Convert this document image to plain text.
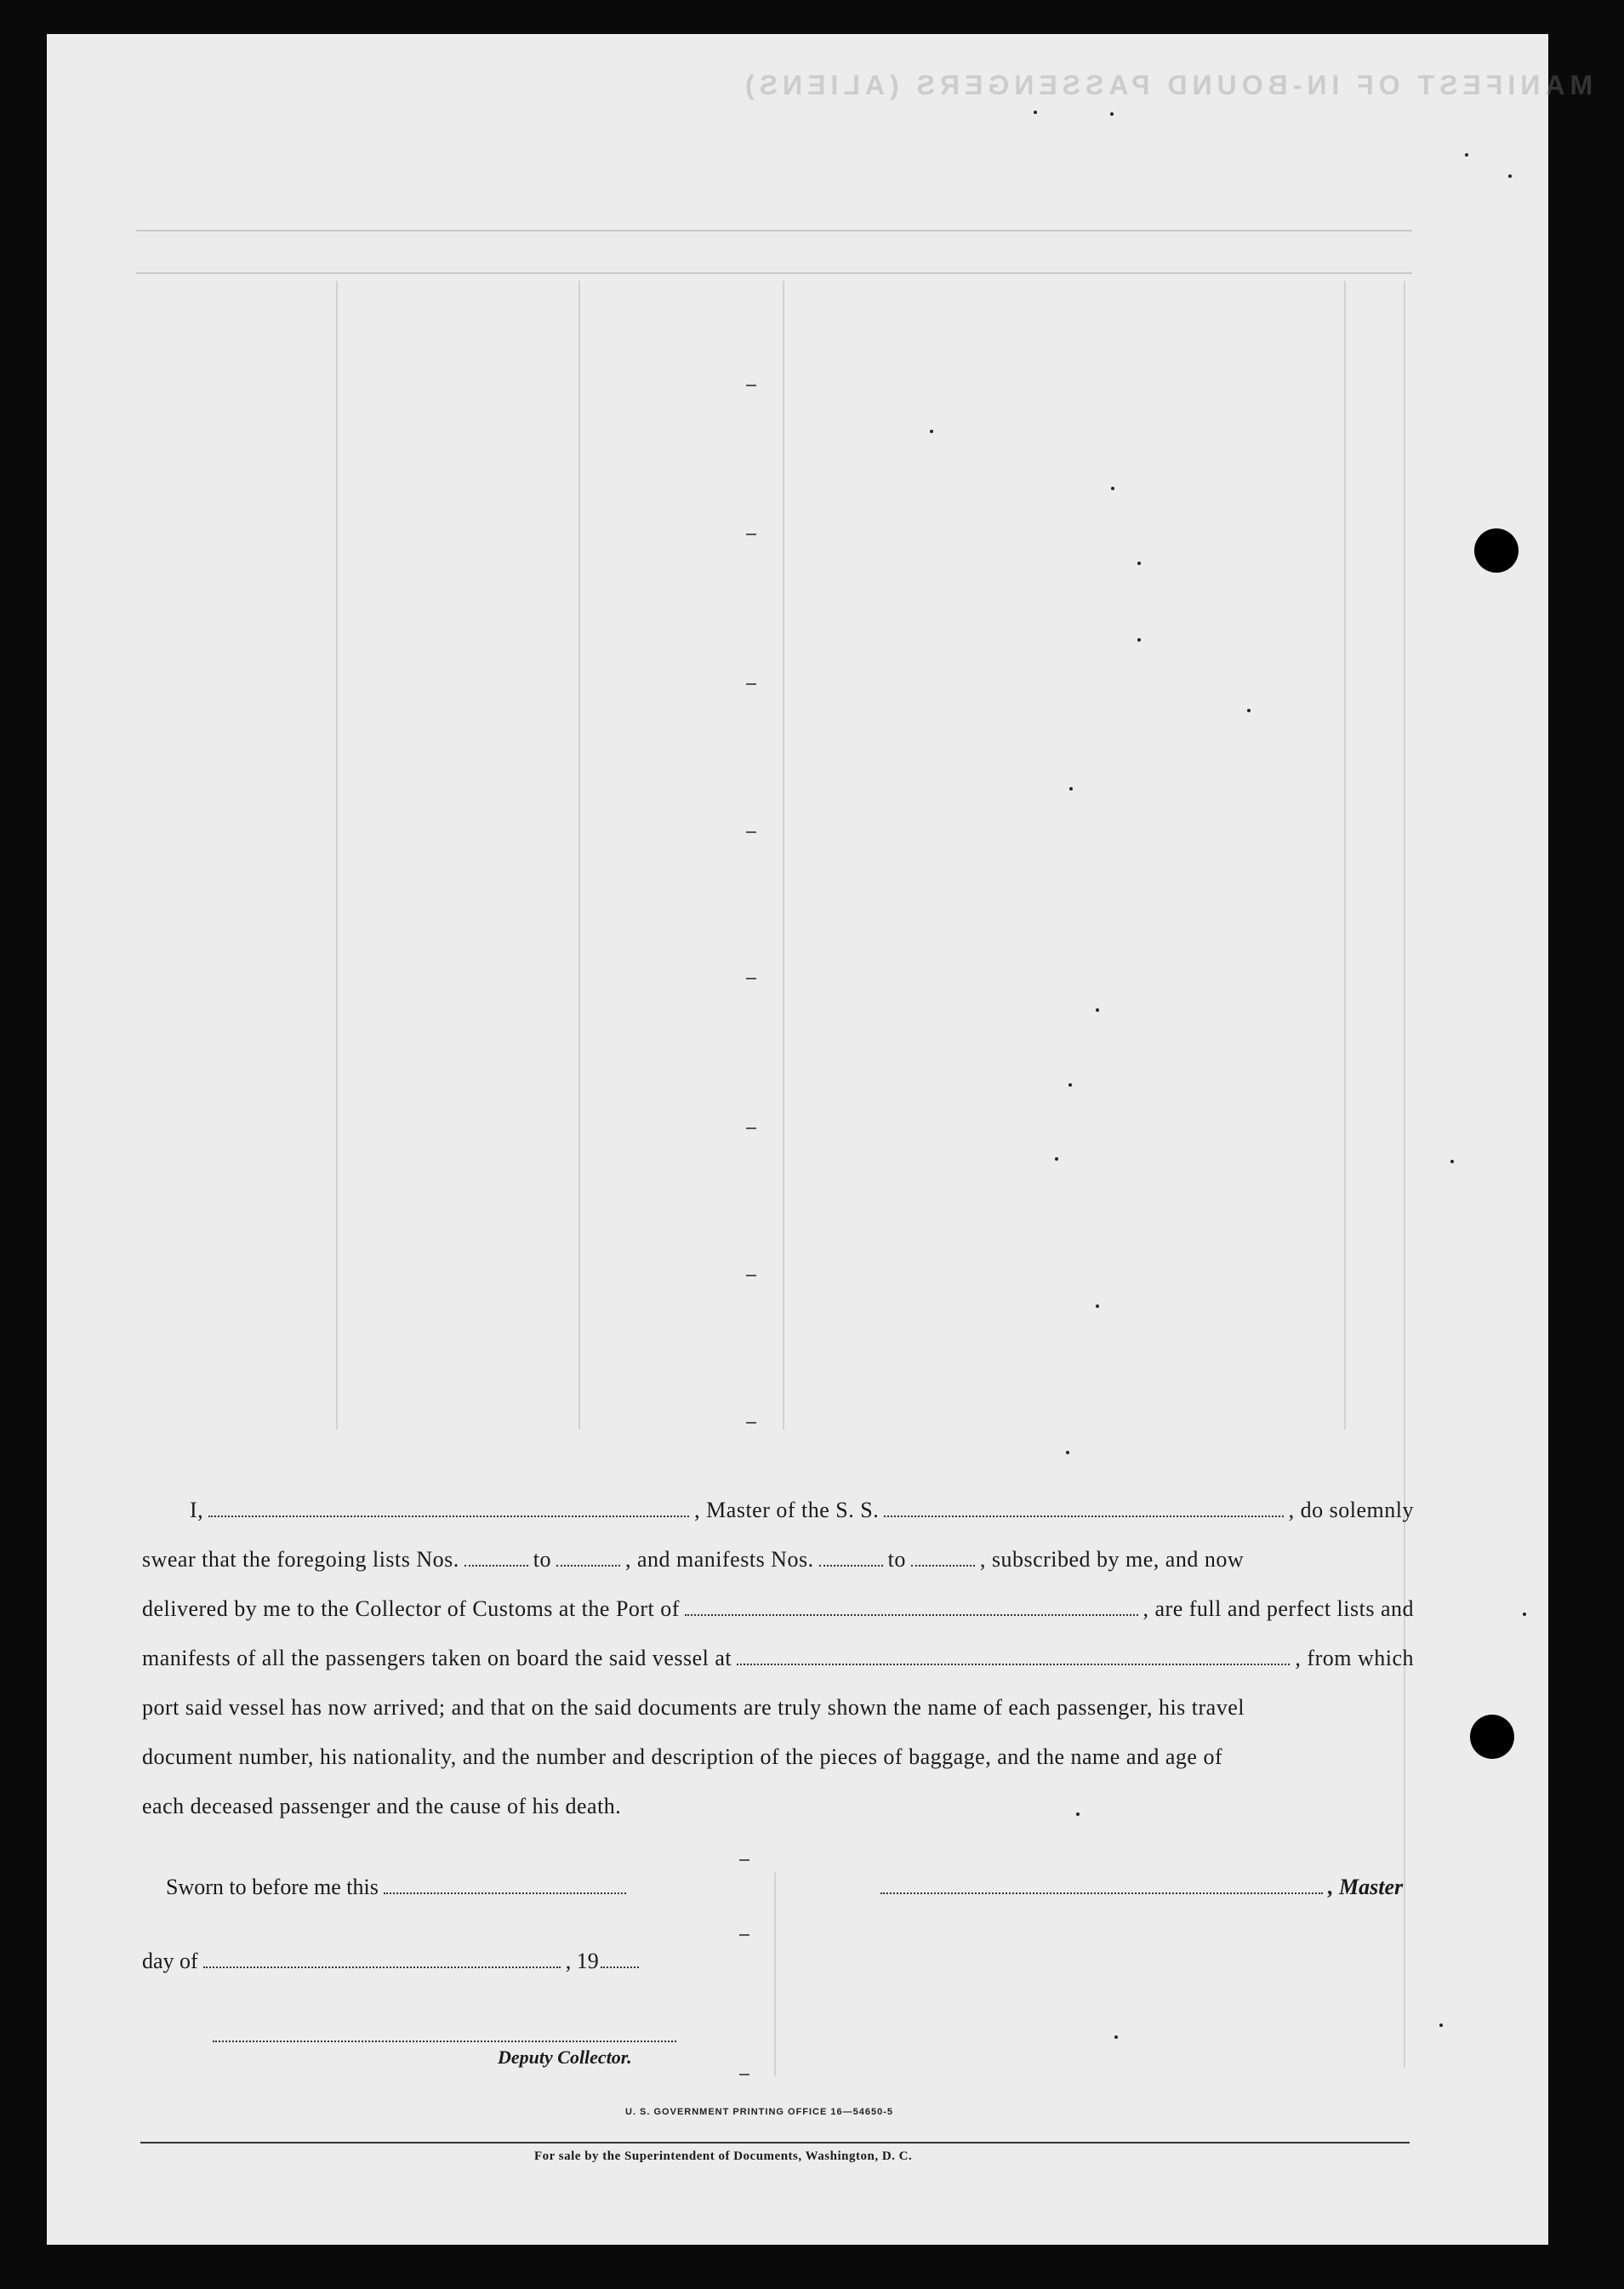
MANIFEST OF IN-BOUND PASSENGERS (ALIENS)
I,	, Master of the S. S.	, do solemnly
swear that the foregoing lists Nos.	to	, and manifests Nos.	to	, subscribed by me, and now
delivered by me to the Collector of Customs at the Port of	, are full and perfect lists and
manifests of all the passengers taken on board the said vessel at	, from which
port said vessel has now arrived; and that on the said documents are truly shown the name of each passenger, his travel
document number, his nationality, and the number and description of the pieces of baggage, and the name and age of
each deceased passenger and the cause of his death.
Sworn to before me this	, Master
day of	, 19
Deputy Collector.
U. S. GOVERNMENT PRINTING OFFICE 16—54650-5
For sale by the Superintendent of Documents, Washington, D. C.
